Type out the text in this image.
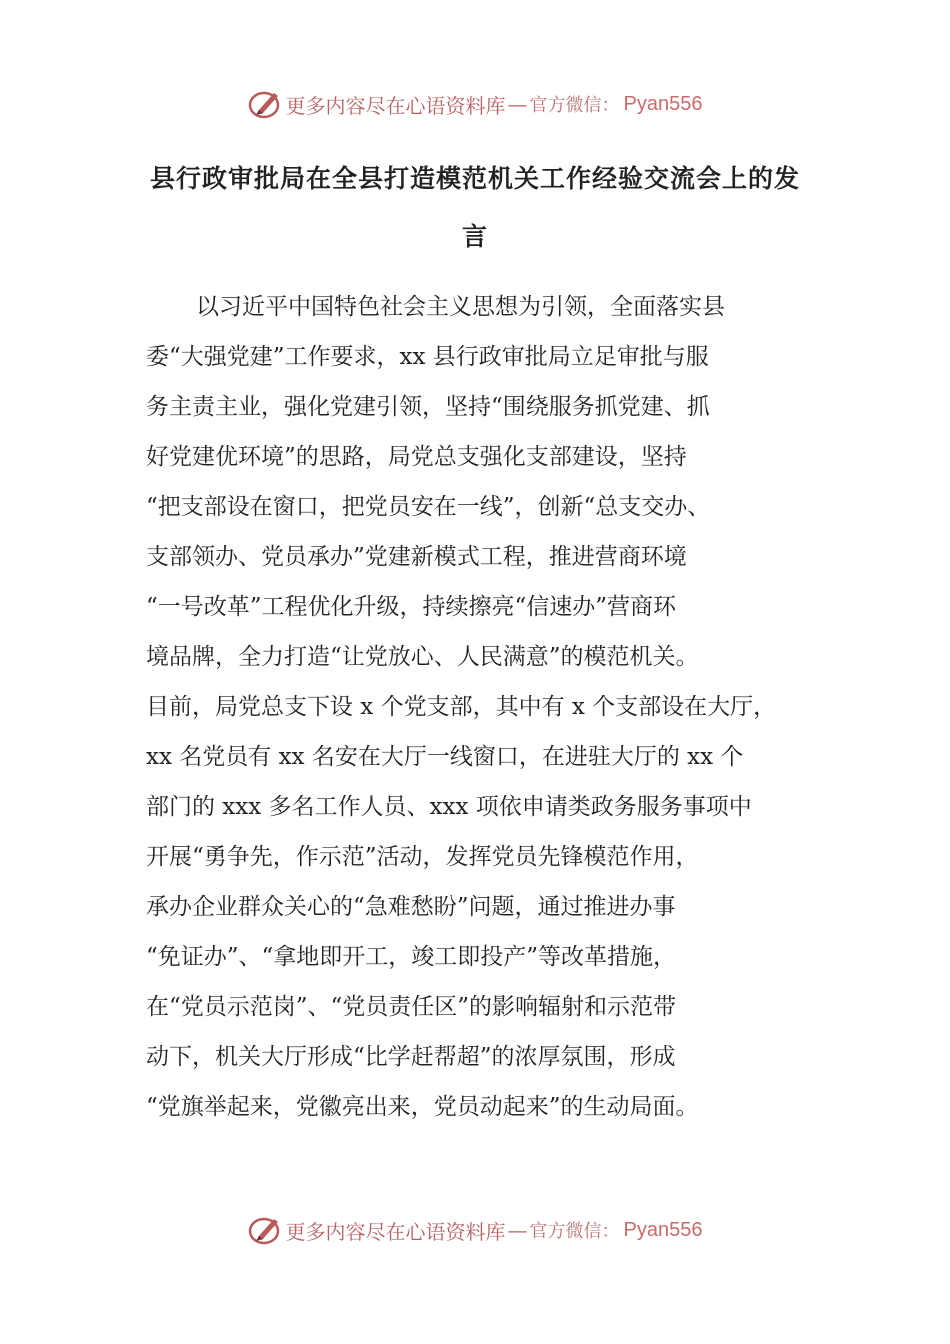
更多内容尽在心语资料库 — 官方微信： Pyan556
县行政审批局在全县打造模范机关工作经验交流会上的发
言
以习近平中国特色社会主义思想为引领，全面落实县
委“大强党建”工作要求，xx 县行政审批局立足审批与服
务主责主业，强化党建引领，坚持“围绕服务抓党建、抓
好党建优环境”的思路，局党总支强化支部建设，坚持
“把支部设在窗口，把党员安在一线”，创新“总支交办、
支部领办、党员承办”党建新模式工程，推进营商环境
“一号改革”工程优化升级，持续擦亮“信速办”营商环
境品牌，全力打造“让党放心、人民满意”的模范机关。
目前，局党总支下设 x 个党支部，其中有 x 个支部设在大厅，
xx 名党员有 xx 名安在大厅一线窗口，在进驻大厅的 xx 个
部门的 xxx 多名工作人员、xxx 项依申请类政务服务事项中
开展“勇争先，作示范”活动，发挥党员先锋模范作用，
承办企业群众关心的“急难愁盼”问题，通过推进办事
“免证办”、“拿地即开工，竣工即投产”等改革措施，
在“党员示范岗”、“党员责任区”的影响辐射和示范带
动下，机关大厅形成“比学赶帮超”的浓厚氛围，形成
“党旗举起来，党徽亮出来，党员动起来”的生动局面。
更多内容尽在心语资料库 — 官方微信： Pyan556
